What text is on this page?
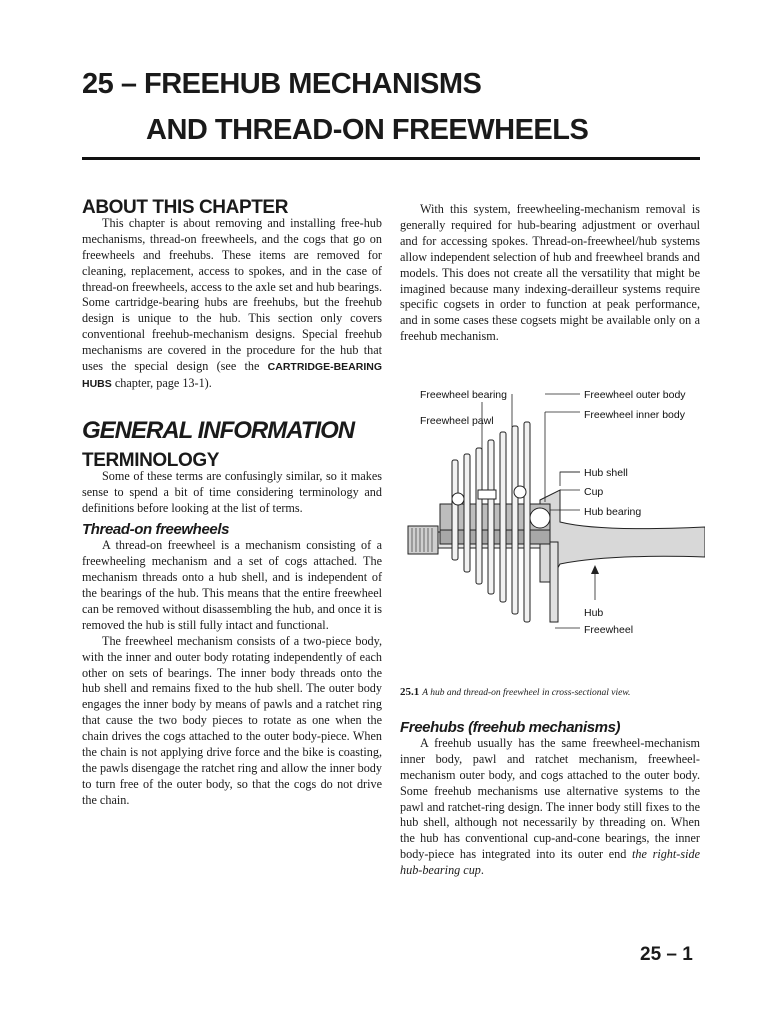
25 – FREEHUB MECHANISMS
AND THREAD-ON FREEWHEELS
ABOUT THIS CHAPTER

This chapter is about removing and installing free-hub mechanisms, thread-on freewheels, and the cogs that go on freewheels and freehubs. These items are removed for cleaning, replacement, access to spokes, and in the case of thread-on freewheels, access to the axle set and hub bearings. Some cartridge-bearing hubs are freehubs, but the freehub design is unique to the hub. This section only covers conventional freehub-mechanism designs. Special freehub mechanisms are covered in the procedure for the hub that uses the special design (see the CARTRIDGE-BEARING HUBS chapter, page 13-1).

GENERAL INFORMATION
TERMINOLOGY

Some of these terms are confusingly similar, so it makes sense to spend a bit of time considering terminology and definitions before looking at the list of terms.

Thread-on freewheels

A thread-on freewheel is a mechanism consisting of a freewheeling mechanism and a set of cogs attached. The mechanism threads onto a hub shell, and is independent of the bearings of the hub. This means that the entire freewheel can be removed without disassembling the hub, and once it is removed the hub is still fully intact and functional.

The freewheel mechanism consists of a two-piece body, with the inner and outer body rotating independently of each other on sets of bearings. The inner body threads onto the hub shell and remains fixed to the hub shell. The outer body engages the inner body by means of pawls and a ratchet ring that cause the two body pieces to rotate as one when the chain drives the cogs attached to the outer body-piece. When the chain is not applying drive force and the bike is coasting, the pawls disengage the ratchet ring and allow the inner body to turn free of the outer body, so that the cogs do not drive the chain.

With this system, freewheeling-mechanism removal is generally required for hub-bearing adjustment or overhaul and for accessing spokes. Thread-on-freewheel/hub systems allow independent selection of hub and freewheel brands and models. This does not create all the versatility that might be imagined because many indexing-derailleur systems require specific cogsets in order to function at peak performance, and in some cases these cogsets might be available only on a freehub mechanism.

Freewheel bearing
Freewheel pawl
Freewheel outer body
Freewheel inner body
Hub shell
Cup
Hub bearing
Hub
Freewheel
25.1 A hub and thread-on freewheel in cross-sectional view.
Freehubs (freehub mechanisms)

A freehub usually has the same freewheel-mechanism inner body, pawl and ratchet mechanism, freewheel-mechanism outer body, and cogs attached to the outer body. Some freehub mechanisms use alternative systems to the pawl and ratchet-ring design. The inner body still fixes to the hub shell, although not necessarily by threading on. When the hub has conventional cup-and-cone bearings, the inner body-piece has integrated into its outer end the right-side hub-bearing cup.

25 – 1
